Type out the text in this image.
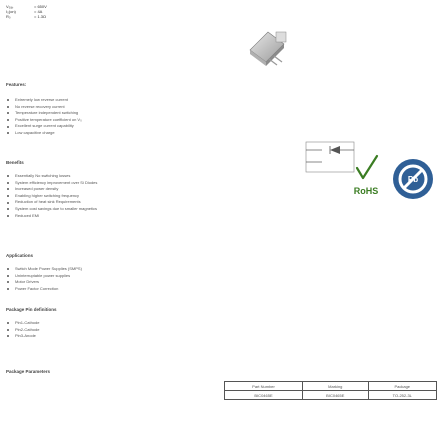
V₀ₐₛ	= 650V
I₀(on)	= 4A
R₀	= 1.3Ω
Features:
Extremely low reverse current
No reverse recovery current
Temperature independent switching
Positive temperature coefficient on V₀
Excellent surge current capability
Low capacitive charge
Benefits
Essentially No switching losses
System efficiency improvement over Si Diodes
Increased power density
Enabling higher switching frequency
Reduction of heat sink Requirements
System cost savings due to smaller magnetics
Reduced EMI
RoHS
Pb
Applications
Switch Mode Power Supplies (SMPS)
Uninterruptable power supplies
Motor Drivers
Power Factor Correction
Package Pin definitions
Pin1-Cathode
Pin2-Cathode
Pin3-Anode
Package Parameters
Part Number	Marking	Package
BIC0465E	BIC0465E	TO-252-3L
